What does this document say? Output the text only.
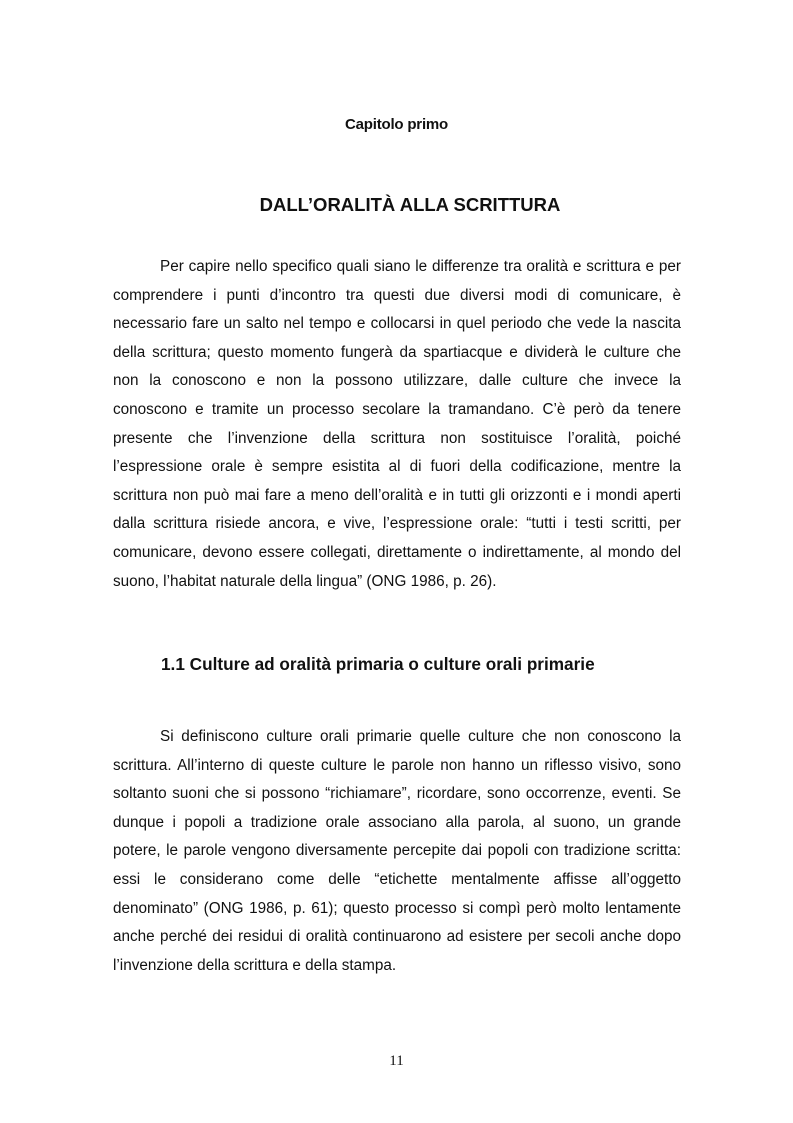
Capitolo primo
DALL’ORALITÀ ALLA SCRITTURA

Per capire nello specifico quali siano le differenze tra oralità e scrittura e per comprendere i punti d’incontro tra questi due diversi modi di comunicare, è necessario fare un salto nel tempo e collocarsi in quel periodo che vede la nascita della scrittura; questo momento fungerà da spartiacque e dividerà le culture che non la conoscono e non la possono utilizzare, dalle culture che invece la conoscono e tramite un processo secolare la tramandano. C’è però da tenere presente che l’invenzione della scrittura non sostituisce l’oralità, poiché l’espressione orale è sempre esistita al di fuori della codificazione, mentre la scrittura non può mai fare a meno dell’oralità e in tutti gli orizzonti e i mondi aperti dalla scrittura risiede ancora, e vive, l’espressione orale: “tutti i testi scritti, per comunicare, devono essere collegati, direttamente o indirettamente, al mondo del suono, l’habitat naturale della lingua” (ONG 1986, p. 26).

1.1 Culture ad oralità primaria o culture orali primarie

Si definiscono culture orali primarie quelle culture che non conoscono la scrittura. All’interno di queste culture le parole non hanno un riflesso visivo, sono soltanto suoni che si possono “richiamare”, ricordare, sono occorrenze, eventi. Se dunque i popoli a tradizione orale associano alla parola, al suono, un grande potere, le parole vengono diversamente percepite dai popoli con tradizione scritta: essi le considerano come delle “etichette mentalmente affisse all’oggetto denominato” (ONG 1986, p. 61); questo processo si compì però molto lentamente anche perché dei residui di oralità continuarono ad esistere per secoli anche dopo l’invenzione della scrittura e della stampa.

11
